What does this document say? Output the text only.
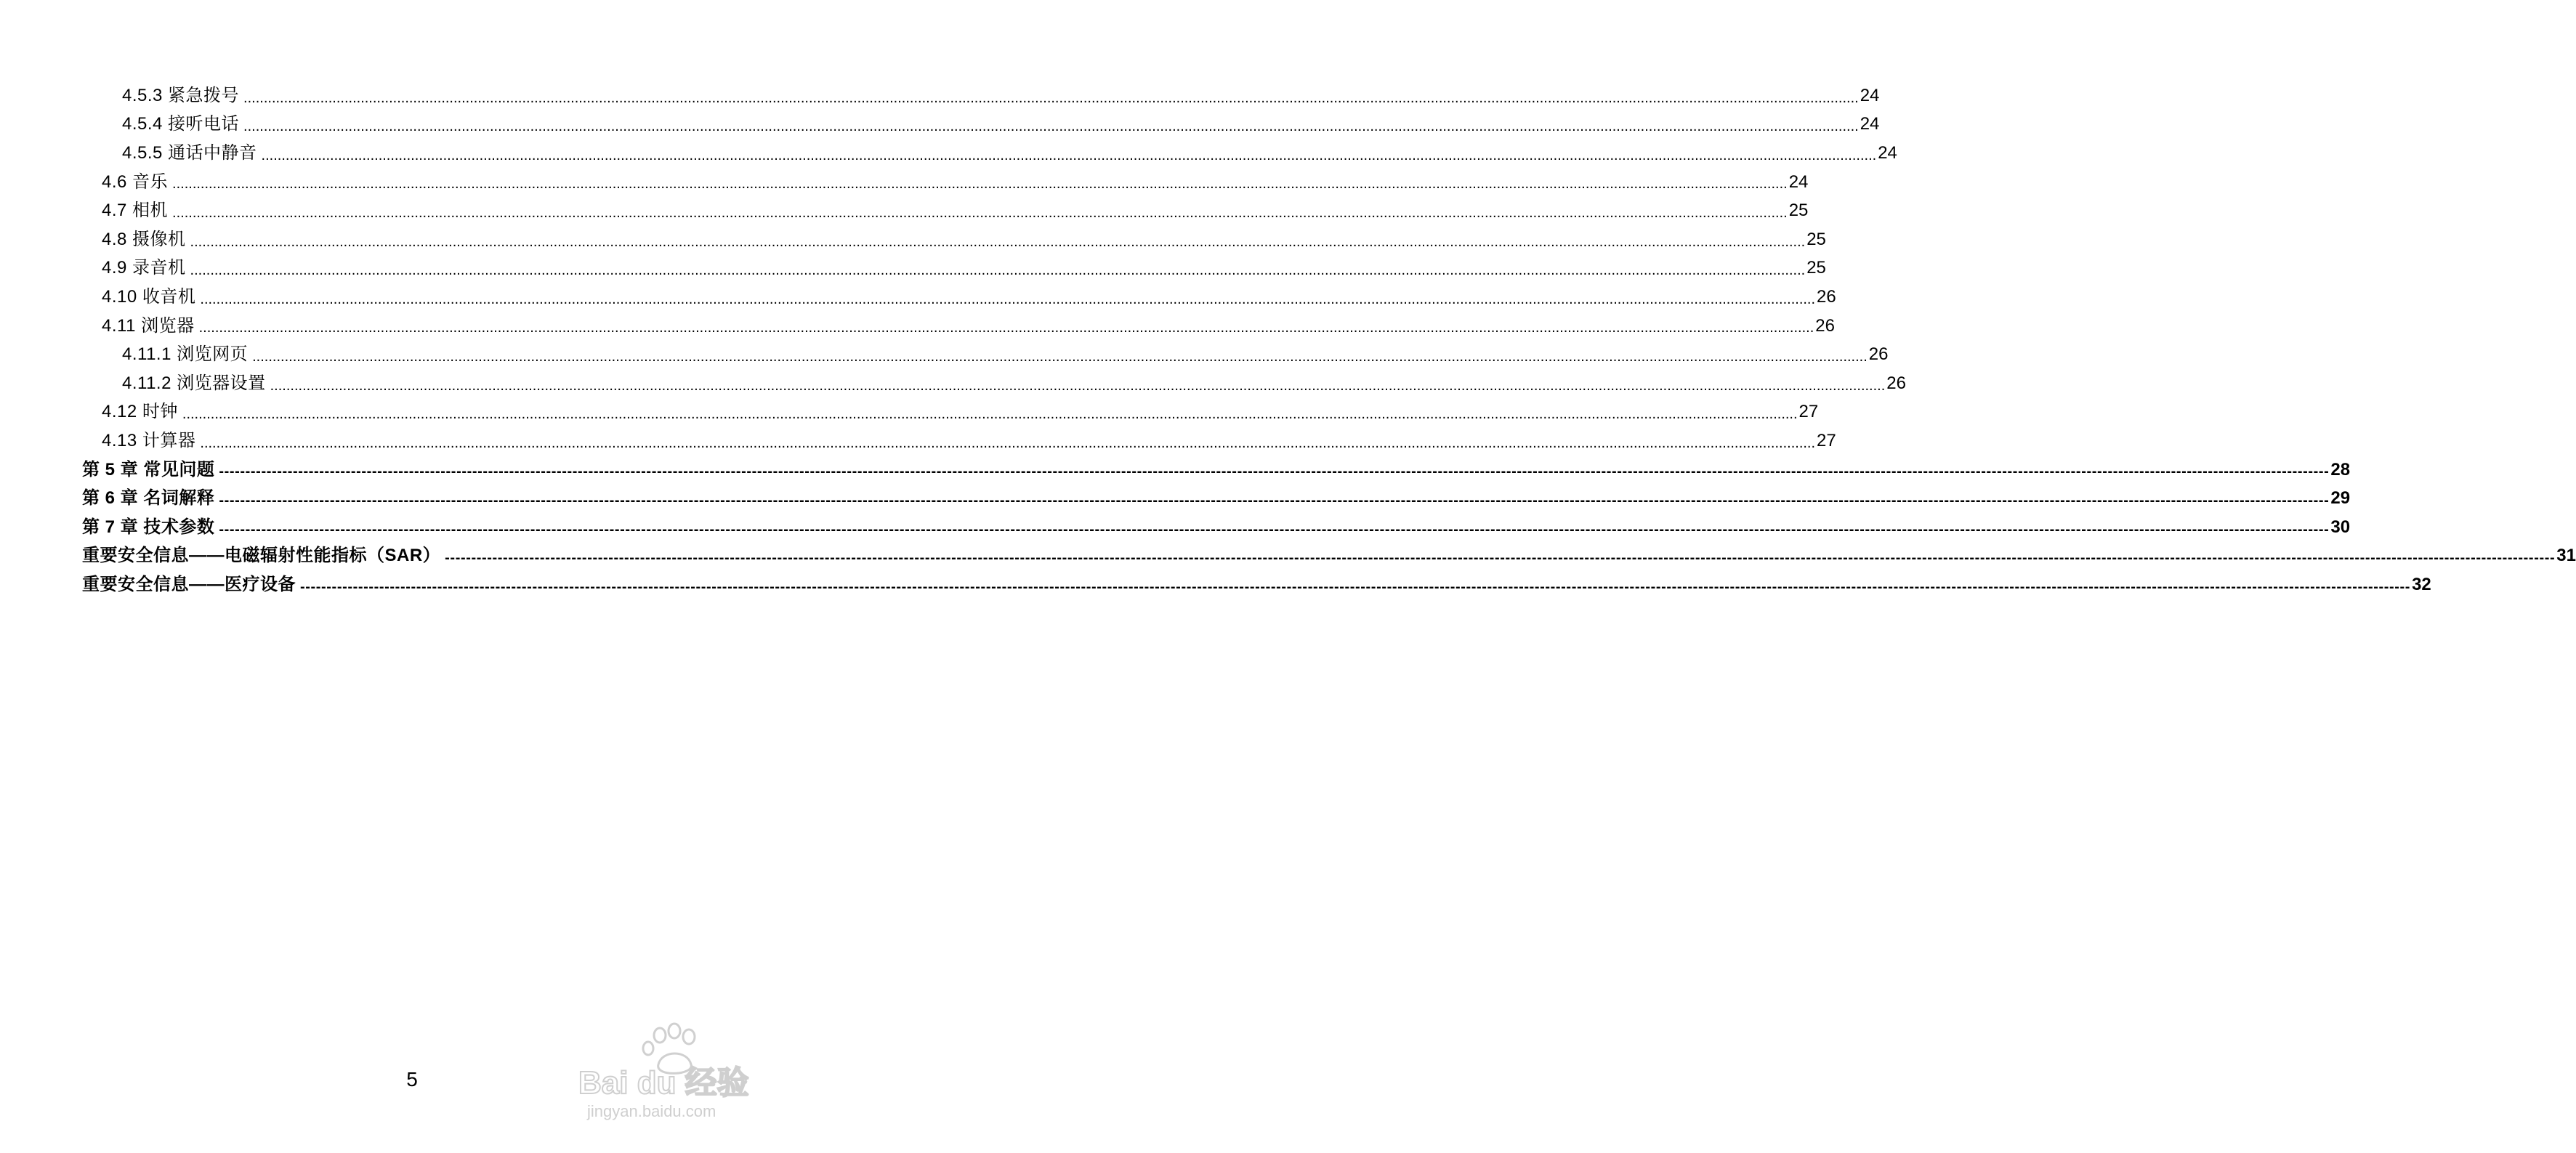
4.5.3 紧急拨号 ................................................................................................................................................................................................................................................................................................................................................................................................................ 24
4.5.4 接听电话 ................................................................................................................................................................................................................................................................................................................................................................................................................ 24
4.5.5 通话中静音 ................................................................................................................................................................................................................................................................................................................................................................................................................ 24
4.6 音乐 ................................................................................................................................................................................................................................................................................................................................................................................................................ 24
4.7 相机 ................................................................................................................................................................................................................................................................................................................................................................................................................ 25
4.8 摄像机 ................................................................................................................................................................................................................................................................................................................................................................................................................ 25
4.9 录音机 ................................................................................................................................................................................................................................................................................................................................................................................................................ 25
4.10 收音机 ................................................................................................................................................................................................................................................................................................................................................................................................................ 26
4.11 浏览器 ................................................................................................................................................................................................................................................................................................................................................................................................................ 26
4.11.1 浏览网页 ................................................................................................................................................................................................................................................................................................................................................................................................................ 26
4.11.2 浏览器设置 ................................................................................................................................................................................................................................................................................................................................................................................................................ 26
4.12 时钟 ................................................................................................................................................................................................................................................................................................................................................................................................................ 27
4.13 计算器 ................................................................................................................................................................................................................................................................................................................................................................................................................ 27
第 5 章 常见问题 ---------------------------------------------------------------------------------------------------------------------------------------------------------------------------------------------------------------------------------------------------------------------------------------------------------------------------------------------------------------------------------------------------------------- 28
第 6 章 名词解释 ---------------------------------------------------------------------------------------------------------------------------------------------------------------------------------------------------------------------------------------------------------------------------------------------------------------------------------------------------------------------------------------------------------------- 29
第 7 章 技术参数 ---------------------------------------------------------------------------------------------------------------------------------------------------------------------------------------------------------------------------------------------------------------------------------------------------------------------------------------------------------------------------------------------------------------- 30
重要安全信息——电磁辐射性能指标（SAR） ---------------------------------------------------------------------------------------------------------------------------------------------------------------------------------------------------------------------------------------------------------------------------------------------------------------------------------------------------------------------------------------------------------------- 31
重要安全信息——医疗设备 ---------------------------------------------------------------------------------------------------------------------------------------------------------------------------------------------------------------------------------------------------------------------------------------------------------------------------------------------------------------------------------------------------------------- 32
5	Bai du 经验
jingyan.baidu.com
